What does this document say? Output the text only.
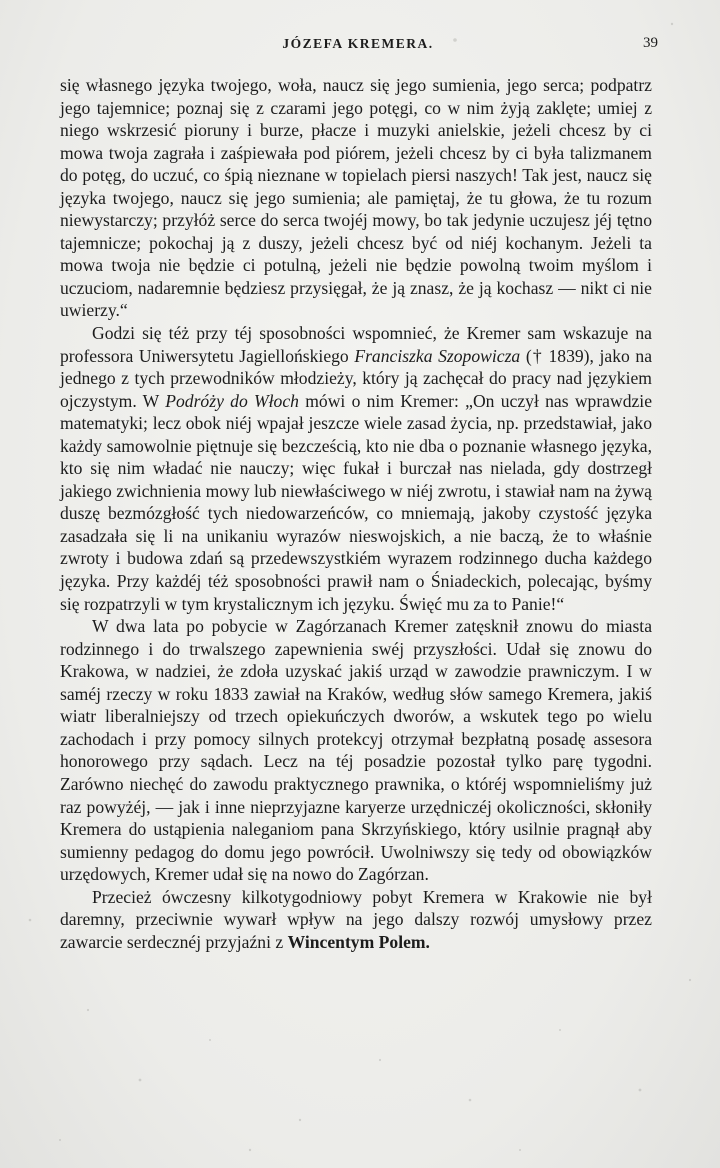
JÓZEFA KREMERA.	39

się własnego języka twojego, woła, naucz się jego sumienia, jego serca; podpatrz jego tajemnice; poznaj się z czarami jego potęgi, co w nim żyją zaklęte; umiej z niego wskrzesić pioruny i burze, płacze i muzyki anielskie, jeżeli chcesz by ci mowa twoja zagrała i zaśpiewała pod piórem, jeżeli chcesz by ci była talizmanem do potęg, do uczuć, co śpią nieznane w topielach piersi naszych! Tak jest, naucz się języka twojego, naucz się jego sumienia; ale pamiętaj, że tu głowa, że tu rozum niewystarczy; przyłóż serce do serca twojéj mowy, bo tak jedynie uczujesz jéj tętno tajemnicze; pokochaj ją z duszy, jeżeli chcesz być od niéj kochanym. Jeżeli ta mowa twoja nie będzie ci potulną, jeżeli nie będzie powolną twoim myślom i uczuciom, nadaremnie będziesz przysięgał, że ją znasz, że ją kochasz — nikt ci nie uwierzy.“

Godzi się téż przy téj sposobności wspomnieć, że Kremer sam wskazuje na professora Uniwersytetu Jagiellońskiego Franciszka Szopowicza († 1839), jako na jednego z tych przewodników młodzieży, który ją zachęcał do pracy nad językiem ojczystym. W Podróży do Włoch mówi o nim Kremer: „On uczył nas wprawdzie matematyki; lecz obok niéj wpajał jeszcze wiele zasad życia, np. przedstawiał, jako każdy samowolnie piętnuje się bezcześcią, kto nie dba o poznanie własnego języka, kto się nim władać nie nauczy; więc fukał i burczał nas nielada, gdy dostrzegł jakiego zwichnienia mowy lub niewłaściwego w niéj zwrotu, i stawiał nam na żywą duszę bezmózgłość tych niedowarzeńców, co mniemają, jakoby czystość języka zasadzała się li na unikaniu wyrazów nieswojskich, a nie baczą, że to właśnie zwroty i budowa zdań są przedewszystkiém wyrazem rodzinnego ducha każdego języka. Przy każdéj téż sposobności prawił nam o Śniadeckich, polecając, byśmy się rozpatrzyli w tym krystalicznym ich języku. Święć mu za to Panie!“

W dwa lata po pobycie w Zagórzanach Kremer zatęsknił znowu do miasta rodzinnego i do trwalszego zapewnienia swéj przyszłości. Udał się znowu do Krakowa, w nadziei, że zdoła uzyskać jakiś urząd w zawodzie prawniczym. I w saméj rzeczy w roku 1833 zawiał na Kraków, według słów samego Kremera, jakiś wiatr liberalniejszy od trzech opiekuńczych dworów, a wskutek tego po wielu zachodach i przy pomocy silnych protekcyj otrzymał bezpłatną posadę assesora honorowego przy sądach. Lecz na téj posadzie pozostał tylko parę tygodni. Zarówno niechęć do zawodu praktycznego prawnika, o któréj wspomnieliśmy już raz powyżéj, — jak i inne nieprzyjazne karyerze urzędniczéj okoliczności, skłoniły Kremera do ustąpienia naleganiom pana Skrzyńskiego, który usilnie pragnął aby sumienny pedagog do domu jego powrócił. Uwolniwszy się tedy od obowiązków urzędowych, Kremer udał się na nowo do Zagórzan.

Przecież ówczesny kilkotygodniowy pobyt Kremera w Krakowie nie był daremny, przeciwnie wywarł wpływ na jego dalszy rozwój umysłowy przez zawarcie serdecznéj przyjaźni z Wincentym Polem.
